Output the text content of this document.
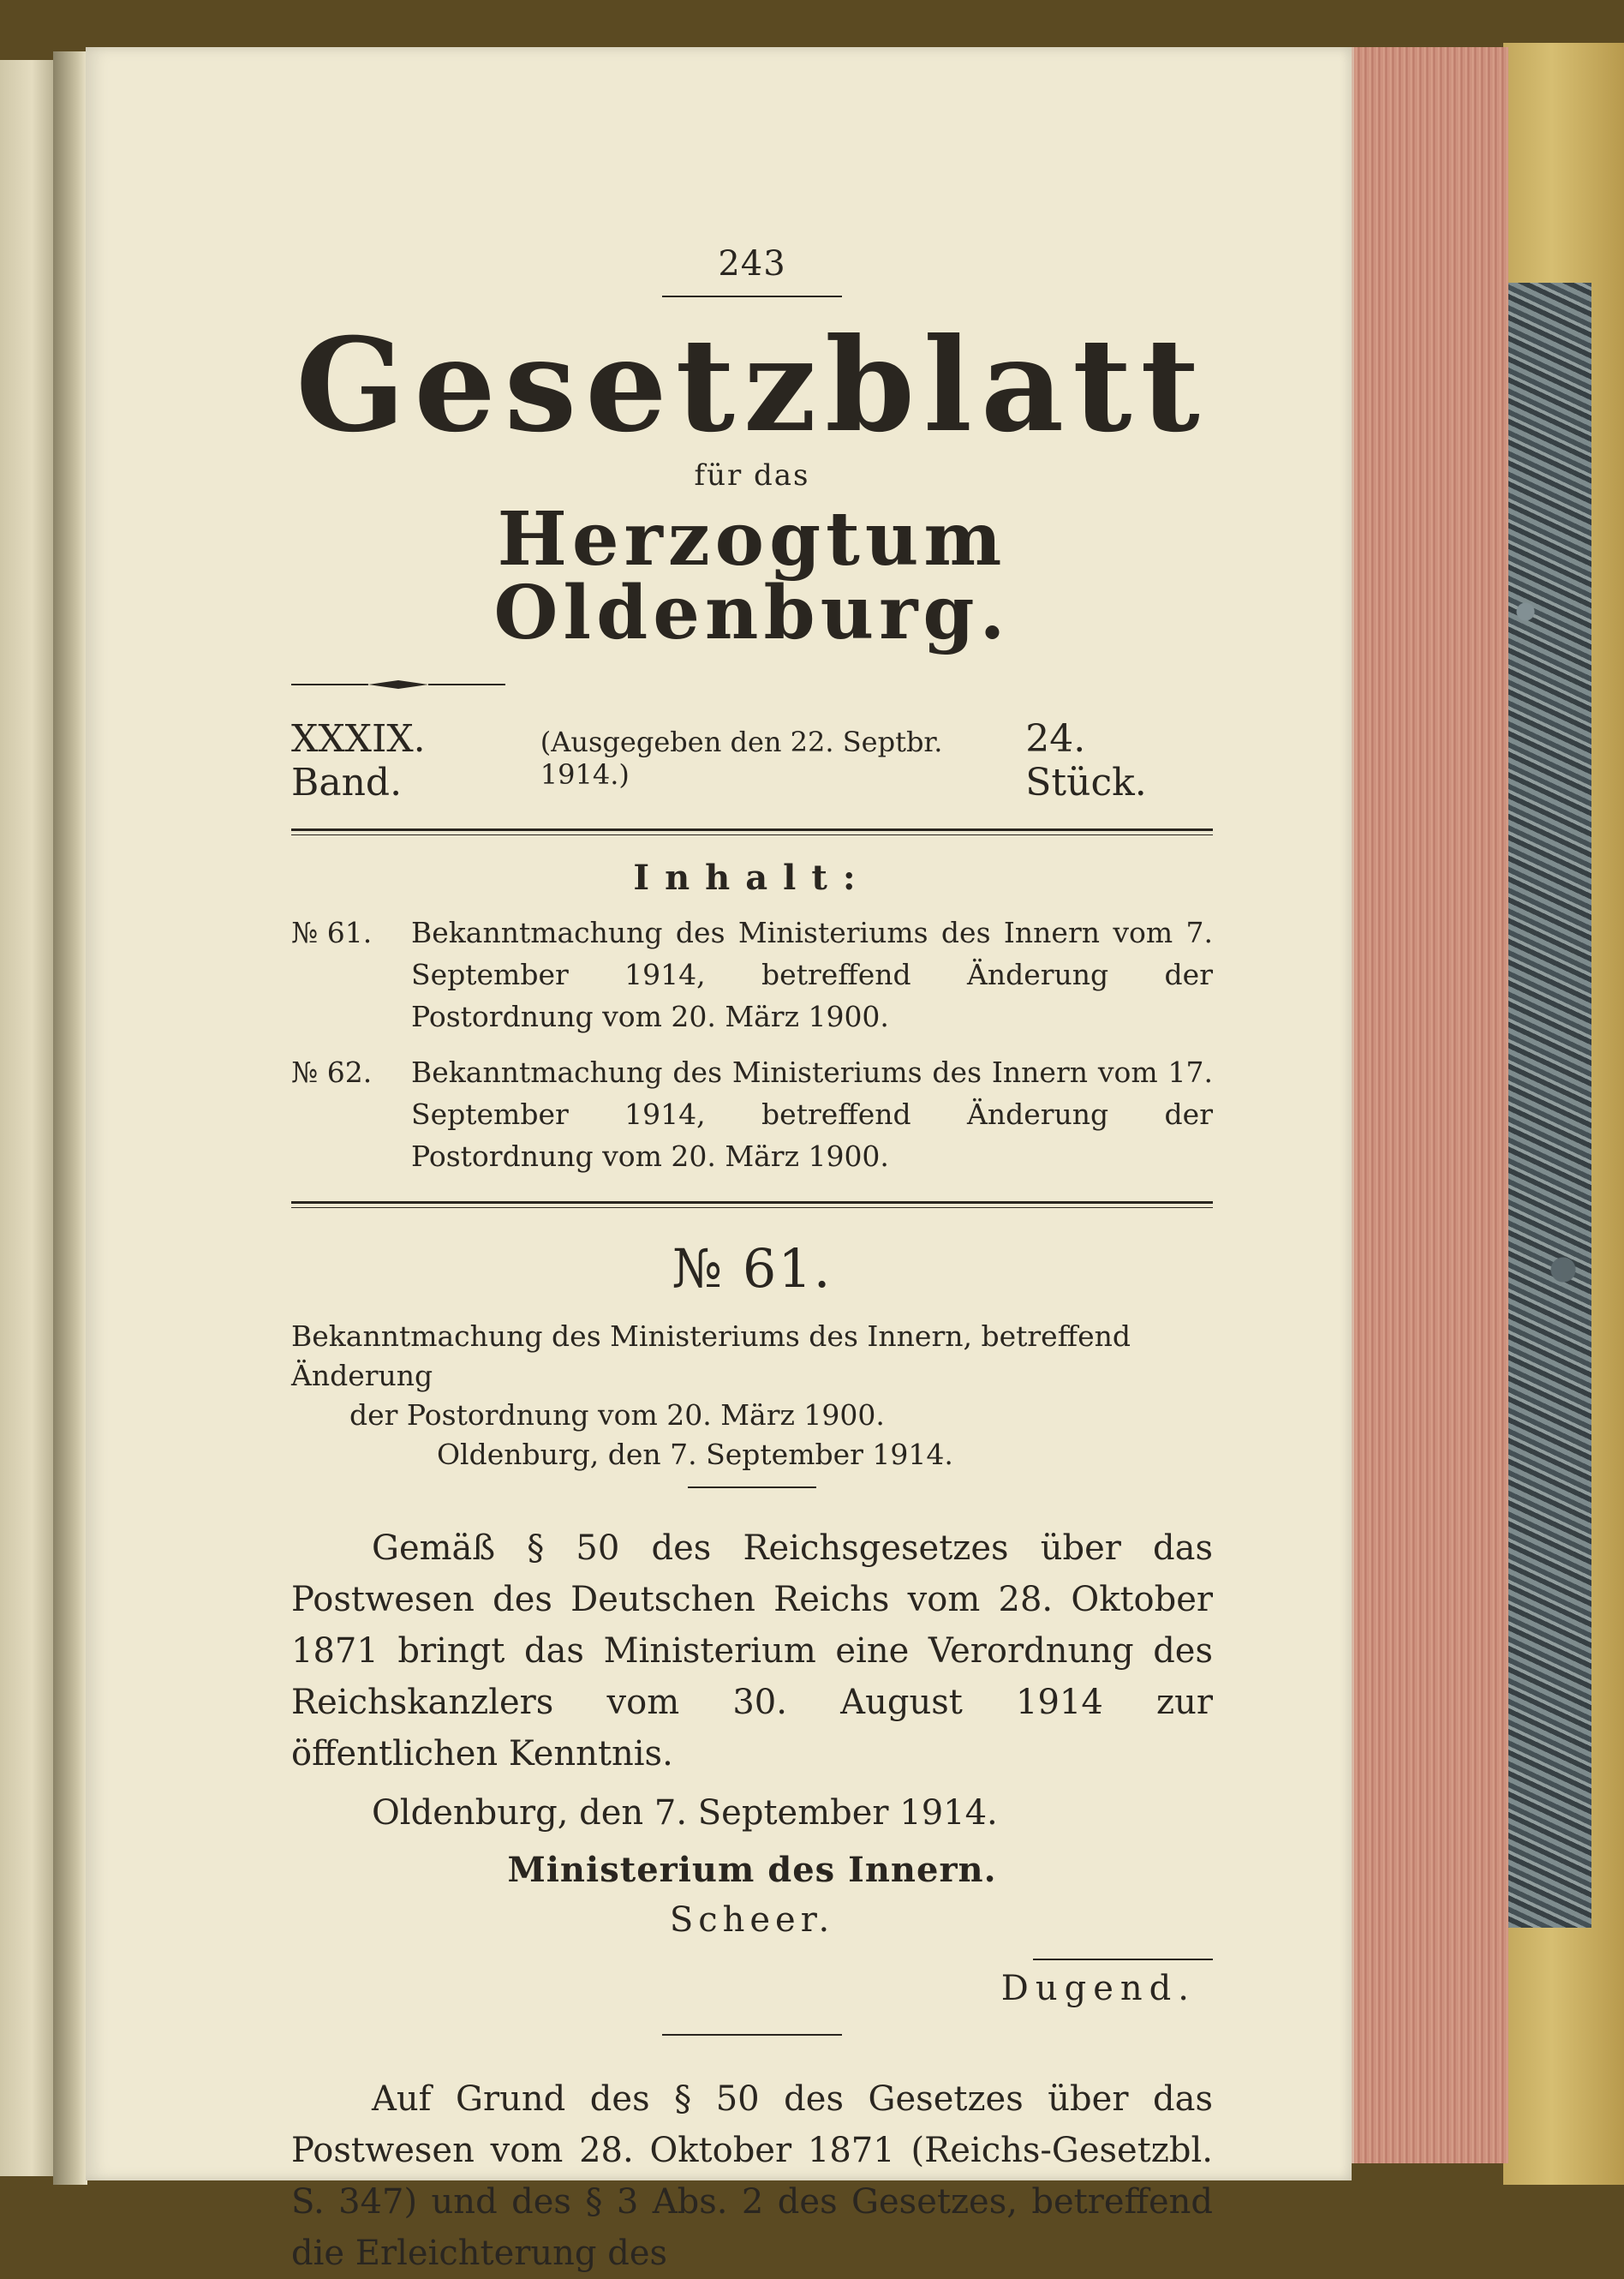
243
Gesetzblatt
für das
Herzogtum Oldenburg.
XXXIX. Band.
(Ausgegeben den 22. Septbr. 1914.)
24. Stück.
Inhalt:
№ 61.	Bekanntmachung des Ministeriums des Innern vom 7. September 1914, betreffend Änderung der Postordnung vom 20. März 1900.
№ 62.	Bekanntmachung des Ministeriums des Innern vom 17. September 1914, betreffend Änderung der Postordnung vom 20. März 1900.
№ 61.
Bekanntmachung des Ministeriums des Innern, betreffend Änderung
der Postordnung vom 20. März 1900.
Oldenburg, den 7. September 1914.
Gemäß § 50 des Reichsgesetzes über das Postwesen des Deutschen Reichs vom 28. Oktober 1871 bringt das Ministerium eine Verordnung des Reichskanzlers vom 30. August 1914 zur öffentlichen Kenntnis.
Oldenburg, den 7. September 1914.
Ministerium des Innern.
Scheer.
Dugend.
Auf Grund des § 50 des Gesetzes über das Postwesen vom 28. Oktober 1871 (Reichs-Gesetzbl. S. 347) und des § 3 Abs. 2 des Gesetzes, betreffend die Erleichterung des
